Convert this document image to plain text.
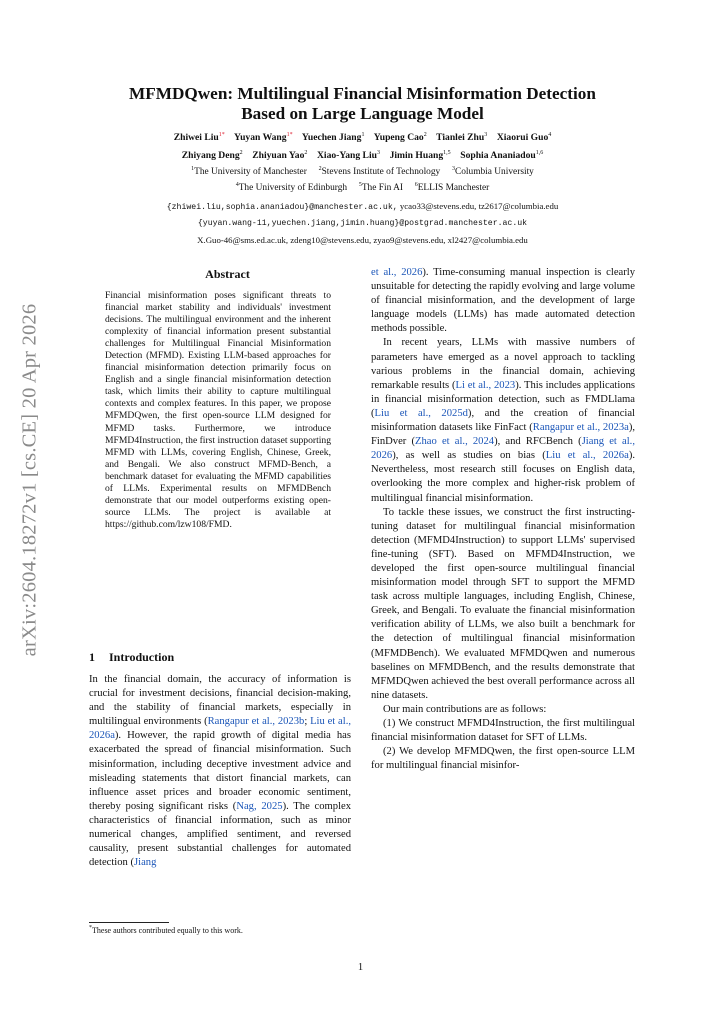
arXiv:2604.18272v1 [cs.CE] 20 Apr 2026
MFMDQwen: Multilingual Financial Misinformation Detection
Based on Large Language Model
Zhiwei Liu$^{1*}$ Yuyan Wang$^{1*}$ Yuechen Jiang$^1$ Yupeng Cao$^2$ Tianlei Zhu$^3$ Xiaorui Guo$^4$
Zhiyang Deng$^2$ Zhiyuan Yao$^2$ Xiao-Yang Liu$^3$ Jimin Huang$^{1,5}$ Sophia Ananiadou$^{1,6}$
$^1$The University of Manchester $^2$Stevens Institute of Technology $^3$Columbia University
$^4$The University of Edinburgh $^5$The Fin AI $^6$ELLIS Manchester
{zhiwei.liu,sophia.ananiadou}@manchester.ac.uk, ycao33@stevens.edu, tz2617@columbia.edu
{yuyan.wang-11,yuechen.jiang,jimin.huang}@postgrad.manchester.ac.uk
X.Guo-46@sms.ed.ac.uk, zdeng10@stevens.edu, zyao9@stevens.edu, xl2427@columbia.edu
Abstract
Financial misinformation poses significant threats to financial market stability and individuals' investment decisions. The multilingual environment and the inherent complexity of financial information present substantial challenges for Multilingual Financial Misinformation Detection (MFMD). Existing LLM-based approaches for financial misinformation detection primarily focus on English and a single financial misinformation detection task, which limits their ability to capture multilingual contexts and complex features. In this paper, we propose MFMDQwen, the first open-source LLM designed for MFMD tasks. Furthermore, we introduce MFMD4Instruction, the first instruction dataset supporting MFMD with LLMs, covering English, Chinese, Greek, and Bengali. We also construct MFMD-Bench, a benchmark dataset for evaluating the MFMD capabilities of LLMs. Experimental results on MFMDBench demonstrate that our model outperforms existing open-source LLMs. The project is available at https://github.com/lzw108/FMD.
1 Introduction
In the financial domain, the accuracy of information is crucial for investment decisions, financial decision-making, and the stability of financial markets, especially in multilingual environments (Rangapur et al., 2023b; Liu et al., 2026a). However, the rapid growth of digital media has exacerbated the spread of financial misinformation. Such misinformation, including deceptive investment advice and misleading statements that distort financial markets, can influence asset prices and broader economic sentiment, thereby posing significant risks (Nag, 2025). The complex characteristics of financial information, such as minor numerical changes, amplified sentiment, and reversed causality, present substantial challenges for automated detection (Jiang

et al., 2026). Time-consuming manual inspection is clearly unsuitable for detecting the rapidly evolving and large volume of financial misinformation, and the development of large language models (LLMs) has made automated detection methods possible.

In recent years, LLMs with massive numbers of parameters have emerged as a novel approach to tackling various problems in the financial domain, achieving remarkable results (Li et al., 2023). This includes applications in financial misinformation detection, such as FMDLlama (Liu et al., 2025d), and the creation of financial misinformation datasets like FinFact (Rangapur et al., 2023a), FinDver (Zhao et al., 2024), and RFCBench (Jiang et al., 2026), as well as studies on bias (Liu et al., 2026a). Nevertheless, most research still focuses on English data, overlooking the more complex and higher-risk problem of multilingual financial misinformation.

To tackle these issues, we construct the first instructing-tuning dataset for multilingual financial misinformation detection (MFMD4Instruction) to support LLMs' supervised fine-tuning (SFT). Based on MFMD4Instruction, we developed the first open-source multilingual financial misinformation model through SFT to support the MFMD task across multiple languages, including English, Chinese, Greek, and Bengali. To evaluate the financial misinformation verification ability of LLMs, we also built a benchmark for the detection of multilingual financial misinformation (MFMDBench). We evaluated MFMDQwen and numerous baselines on MFMDBench, and the results demonstrate that MFMDQwen achieved the best overall performance across all nine datasets.

Our main contributions are as follows:

(1) We construct MFMD4Instruction, the first multilingual financial misinformation dataset for SFT of LLMs.

(2) We develop MFMDQwen, the first open-source LLM for multilingual financial misinfor-

*These authors contributed equally to this work.
1
